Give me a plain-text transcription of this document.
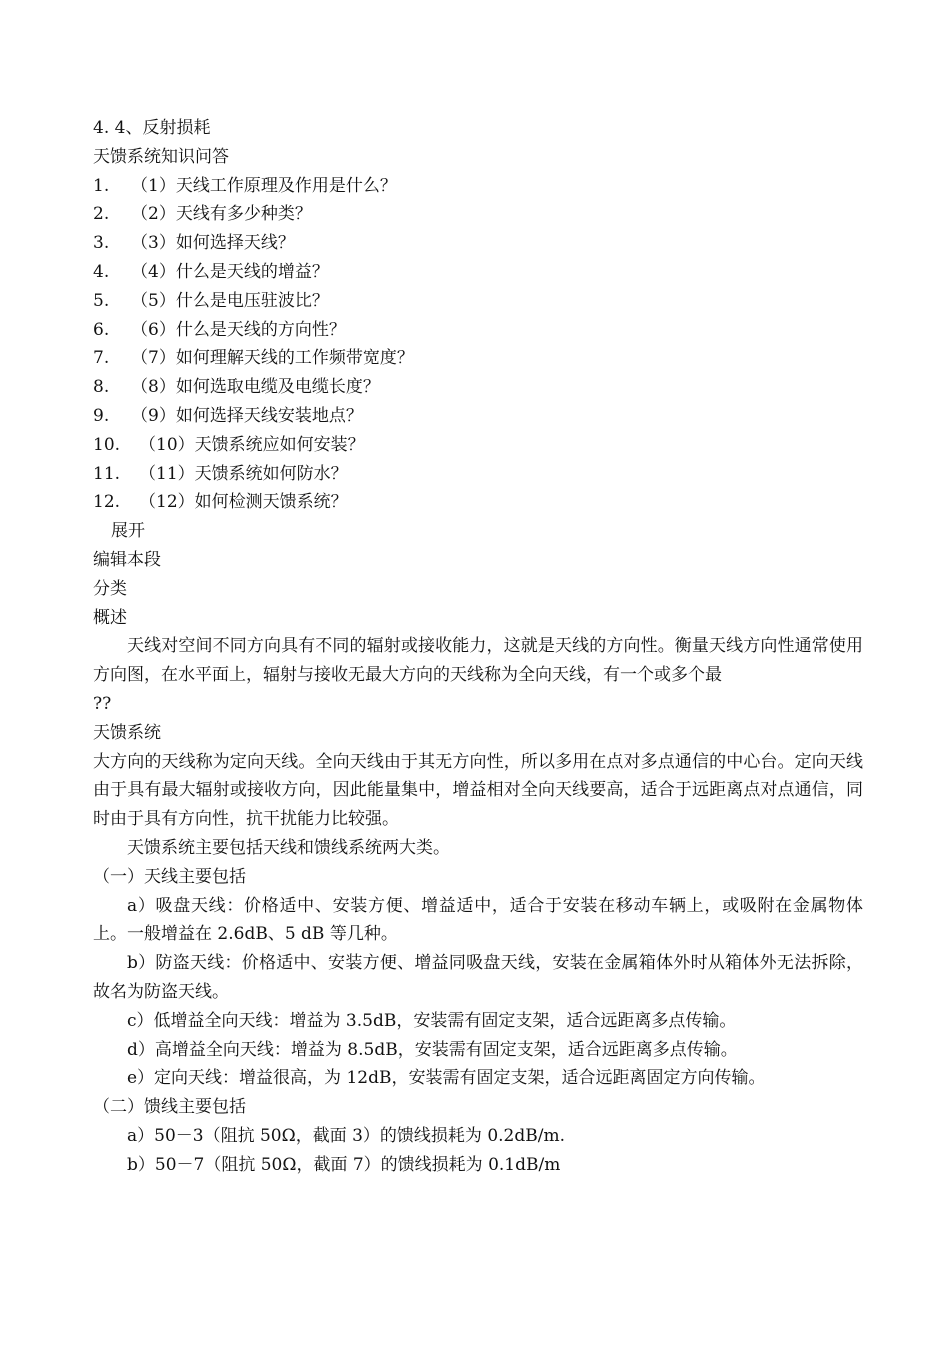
4. 4、反射损耗
天馈系统知识问答
1. （1）天线工作原理及作用是什么？
2. （2）天线有多少种类？
3. （3）如何选择天线？
4. （4）什么是天线的增益？
5. （5）什么是电压驻波比？
6. （6）什么是天线的方向性？
7. （7）如何理解天线的工作频带宽度？
8. （8）如何选取电缆及电缆长度？
9. （9）如何选择天线安装地点？
10. （10）天馈系统应如何安装？
11. （11）天馈系统如何防水？
12. （12）如何检测天馈系统？
展开
编辑本段
分类
概述
天线对空间不同方向具有不同的辐射或接收能力，这就是天线的方向性。衡量天线方向性通常使用方向图，在水平面上，辐射与接收无最大方向的天线称为全向天线，有一个或多个最
??
天馈系统
大方向的天线称为定向天线。全向天线由于其无方向性，所以多用在点对多点通信的中心台。定向天线由于具有最大辐射或接收方向，因此能量集中，增益相对全向天线要高，适合于远距离点对点通信，同时由于具有方向性，抗干扰能力比较强。
天馈系统主要包括天线和馈线系统两大类。
（一）天线主要包括
a）吸盘天线：价格适中、安装方便、增益适中，适合于安装在移动车辆上，或吸附在金属物体上。一般增益在 2.6dB、5 dB 等几种。
b）防盗天线：价格适中、安装方便、增益同吸盘天线，安装在金属箱体外时从箱体外无法拆除，故名为防盗天线。
c）低增益全向天线：增益为 3.5dB，安装需有固定支架，适合远距离多点传输。
d）高增益全向天线：增益为 8.5dB，安装需有固定支架，适合远距离多点传输。
e）定向天线：增益很高，为 12dB，安装需有固定支架，适合远距离固定方向传输。
（二）馈线主要包括
a）50－3（阻抗 50Ω，截面 3）的馈线损耗为 0.2dB/m.
b）50－7（阻抗 50Ω，截面 7）的馈线损耗为 0.1dB/m
